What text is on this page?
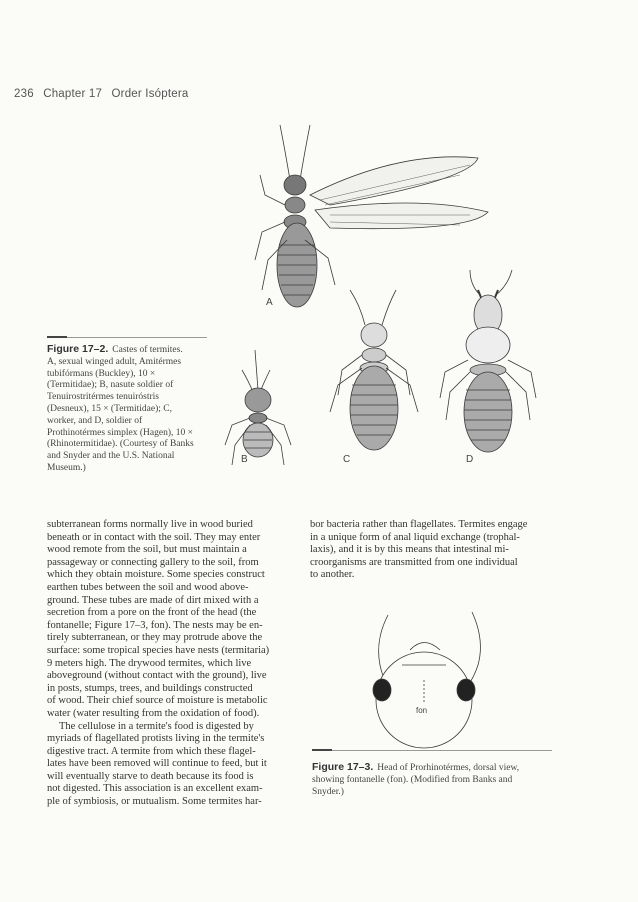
236 Chapter 17 Order Isóptera
A
B	C	D
Figure 17–2. Castes of termites.
A, sexual winged adult, Amitérmes
tubifórmans (Buckley), 10 ×
(Termitidae); B, nasute soldier of
Tenuirostritérmes tenuiróstris
(Desneux), 15 × (Termitidae); C,
worker, and D, soldier of
Prothinotérmes simplex (Hagen), 10 ×
(Rhinotermitidae). (Courtesy of Banks
and Snyder and the U.S. National
Museum.)

subterranean forms normally live in wood buried

beneath or in contact with the soil. They may enter

wood remote from the soil, but must maintain a

passageway or connecting gallery to the soil, from

which they obtain moisture. Some species construct

earthen tubes between the soil and wood above-

ground. These tubes are made of dirt mixed with a

secretion from a pore on the front of the head (the

fontanelle; Figure 17–3, fon). The nests may be en-

tirely subterranean, or they may protrude above the

surface: some tropical species have nests (termitaria)

9 meters high. The drywood termites, which live

aboveground (without contact with the ground), live

in posts, stumps, trees, and buildings constructed

of wood. Their chief source of moisture is metabolic

water (water resulting from the oxidation of food).

The cellulose in a termite's food is digested by

myriads of flagellated protists living in the termite's

digestive tract. A termite from which these flagel-

lates have been removed will continue to feed, but it

will eventually starve to death because its food is

not digested. This association is an excellent exam-

ple of symbiosis, or mutualism. Some termites har-

bor bacteria rather than flagellates. Termites engage

in a unique form of anal liquid exchange (trophal-

laxis), and it is by this means that intestinal mi-

croorganisms are transmitted from one individual

to another.

fon
Figure 17–3. Head of Prorhinotérmes, dorsal view,
showing fontanelle (fon). (Modified from Banks and
Snyder.)
